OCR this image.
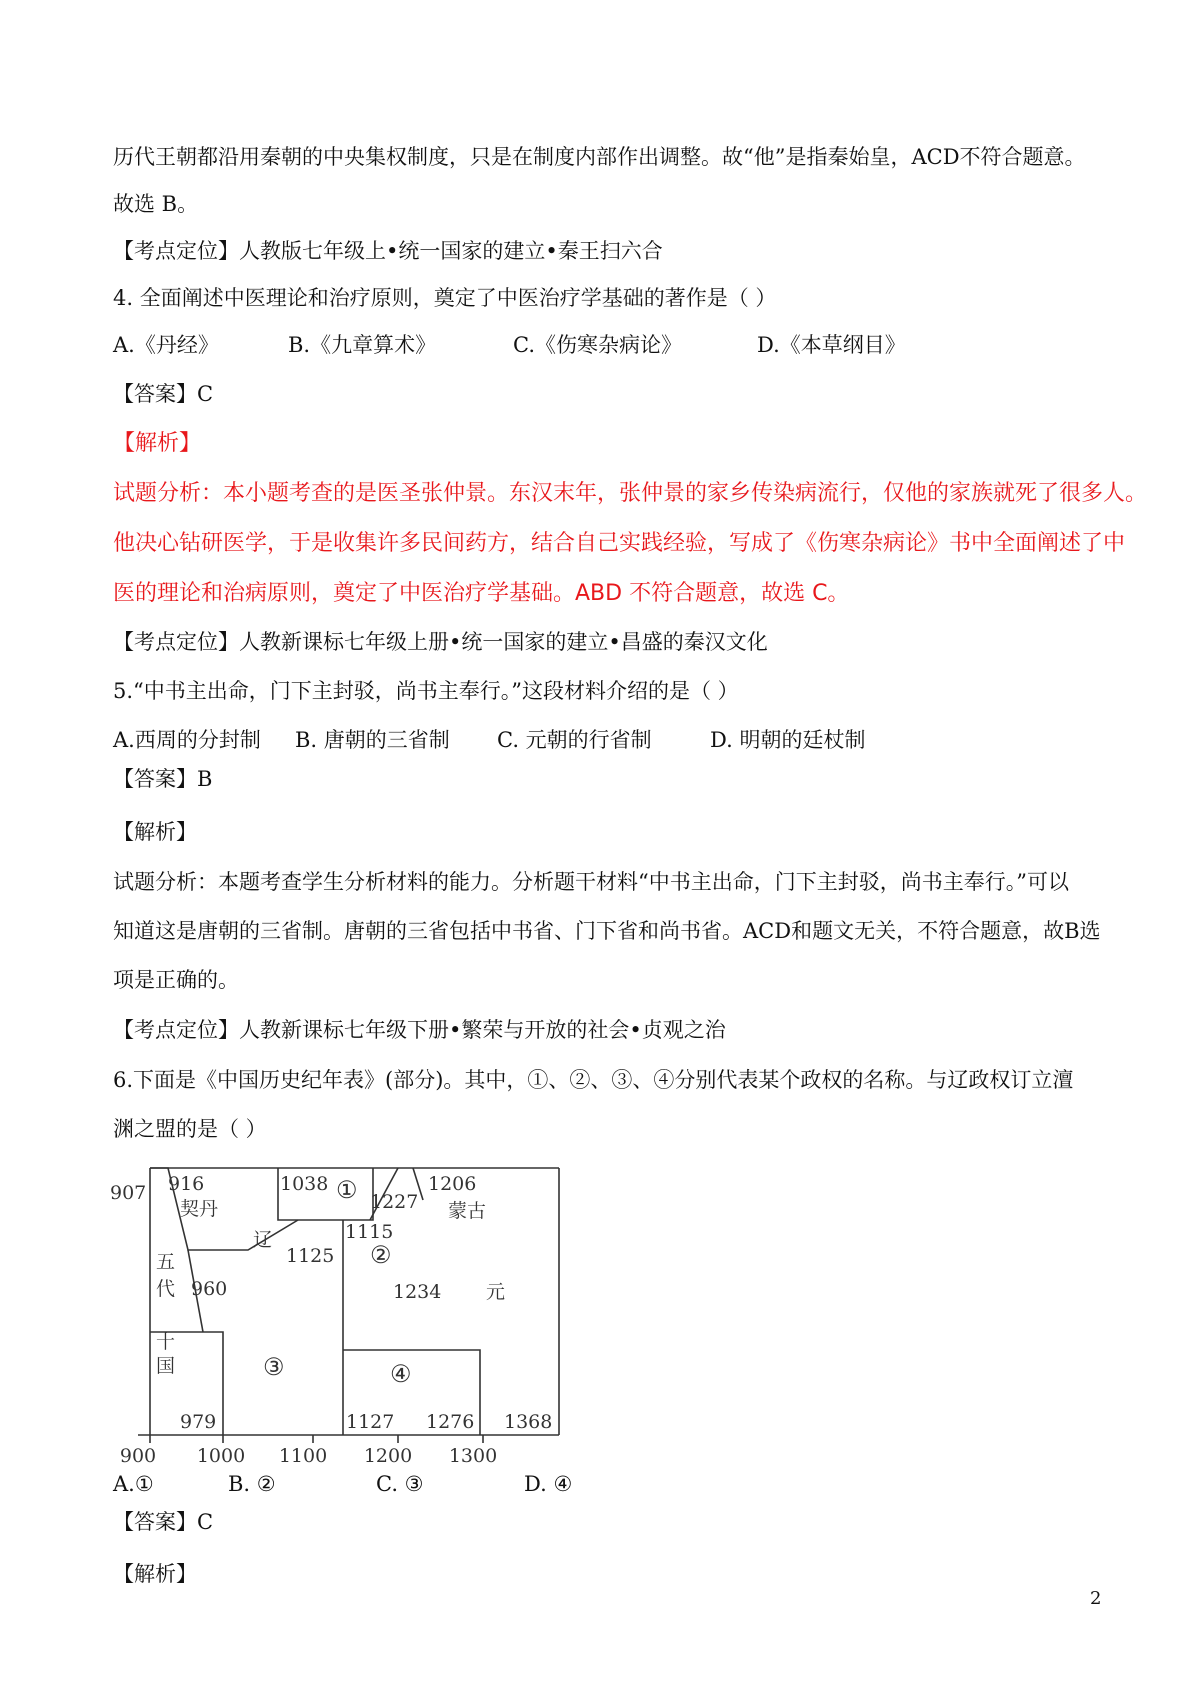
历代王朝都沿用秦朝的中央集权制度，只是在制度内部作出调整。故“他”是指秦始皇，ACD不符合题意。
故选 B。
【考点定位】人教版七年级上•统一国家的建立•秦王扫六合
4. 全面阐述中医理论和治疗原则，奠定了中医治疗学基础的著作是（ ）
A.《丹经》	B.《九章算术》	C.《伤寒杂病论》	D.《本草纲目》
【答案】C
【解析】
试题分析：本小题考查的是医圣张仲景。东汉末年，张仲景的家乡传染病流行，仅他的家族就死了很多人。
他决心钻研医学，于是收集许多民间药方，结合自己实践经验，写成了《伤寒杂病论》书中全面阐述了中
医的理论和治病原则，奠定了中医治疗学基础。ABD 不符合题意，故选 C。
【考点定位】人教新课标七年级上册•统一国家的建立•昌盛的秦汉文化
5.“中书主出命，门下主封驳，尚书主奉行。”这段材料介绍的是（ ）
A.西周的分封制 B. 唐朝的三省制 C. 元朝的行省制	D. 明朝的廷杖制
【答案】B
【解析】
试题分析：本题考查学生分析材料的能力。分析题干材料“中书主出命，门下主封驳，尚书主奉行。”可以
知道这是唐朝的三省制。唐朝的三省包括中书省、门下省和尚书省。ACD和题文无关，不符合题意，故B选
项是正确的。
【考点定位】人教新课标七年级下册•繁荣与开放的社会•贞观之治
6.下面是《中国历史纪年表》(部分)。其中，①、②、③、④分别代表某个政权的名称。与辽政权订立澶
渊之盟的是（ ）
900 1000 1100 1200 1300
907 916
契丹
1038 ① 1227
1206
蒙古
辽	1115
1125 ②
五
代 960	1234 元
十
国	③	④
979	1127 1276 1368
A.①	B. ②	C. ③	D. ④
【答案】C
【解析】
2
